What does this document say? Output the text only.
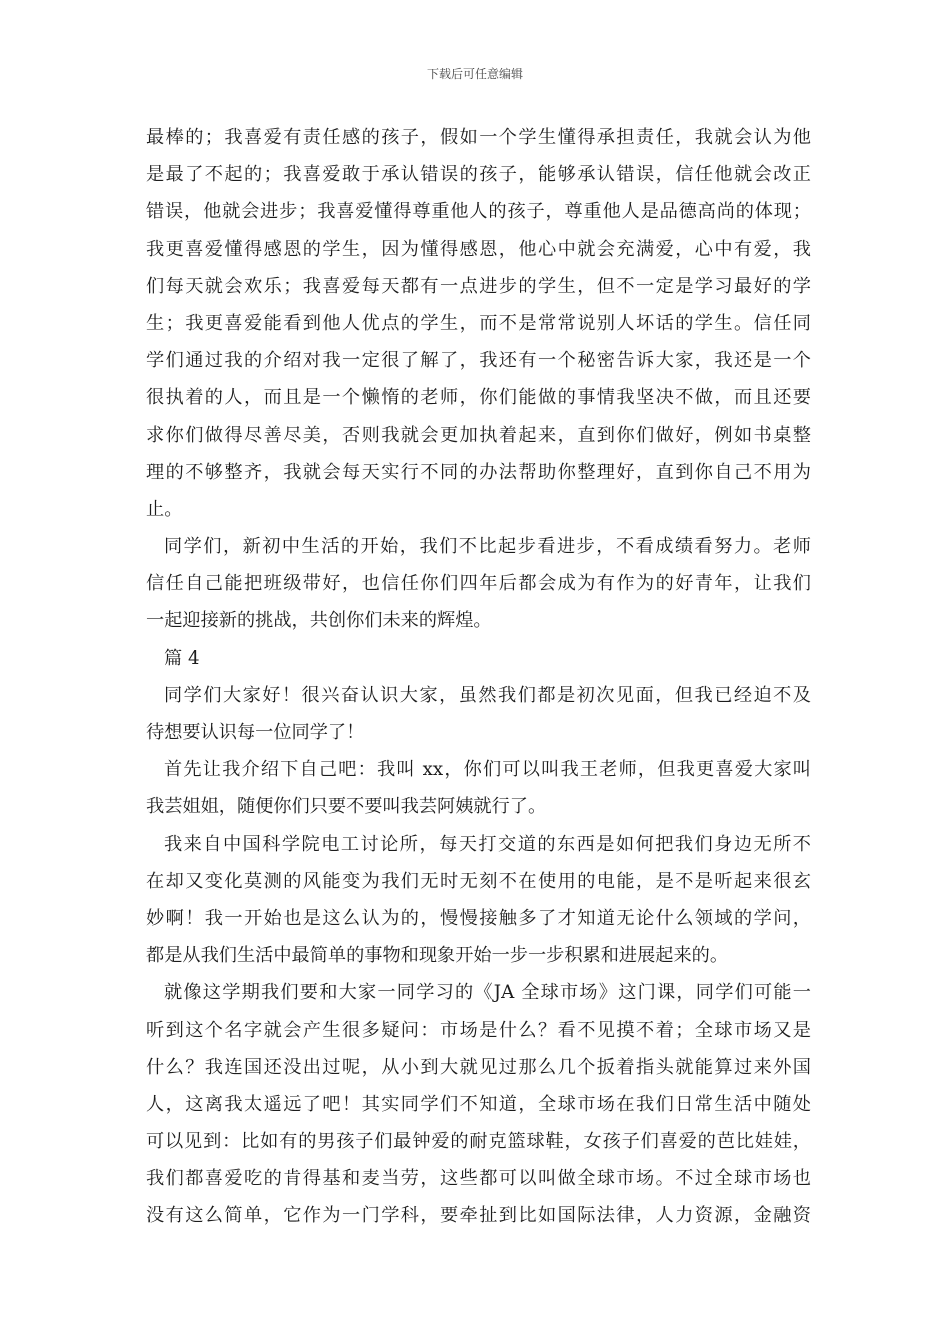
下载后可任意编辑
最棒的；我喜爱有责任感的孩子，假如一个学生懂得承担责任，我就会认为他
是最了不起的；我喜爱敢于承认错误的孩子，能够承认错误，信任他就会改正
错误，他就会进步；我喜爱懂得尊重他人的孩子，尊重他人是品德高尚的体现；
我更喜爱懂得感恩的学生，因为懂得感恩，他心中就会充满爱，心中有爱，我
们每天就会欢乐；我喜爱每天都有一点进步的学生，但不一定是学习最好的学
生；我更喜爱能看到他人优点的学生，而不是常常说别人坏话的学生。信任同
学们通过我的介绍对我一定很了解了，我还有一个秘密告诉大家，我还是一个
很执着的人，而且是一个懒惰的老师，你们能做的事情我坚决不做，而且还要
求你们做得尽善尽美，否则我就会更加执着起来，直到你们做好，例如书桌整
理的不够整齐，我就会每天实行不同的办法帮助你整理好，直到你自己不用为
止。
同学们，新初中生活的开始，我们不比起步看进步，不看成绩看努力。老师
信任自己能把班级带好，也信任你们四年后都会成为有作为的好青年，让我们
一起迎接新的挑战，共创你们未来的辉煌。
篇 4
同学们大家好！很兴奋认识大家，虽然我们都是初次见面，但我已经迫不及
待想要认识每一位同学了！
首先让我介绍下自己吧：我叫 xx，你们可以叫我王老师，但我更喜爱大家叫
我芸姐姐，随便你们只要不要叫我芸阿姨就行了。
我来自中国科学院电工讨论所，每天打交道的东西是如何把我们身边无所不
在却又变化莫测的风能变为我们无时无刻不在使用的电能，是不是听起来很玄
妙啊！我一开始也是这么认为的，慢慢接触多了才知道无论什么领域的学问，
都是从我们生活中最简单的事物和现象开始一步一步积累和进展起来的。
就像这学期我们要和大家一同学习的《JA 全球市场》这门课，同学们可能一
听到这个名字就会产生很多疑问：市场是什么？看不见摸不着；全球市场又是
什么？我连国还没出过呢，从小到大就见过那么几个扳着指头就能算过来外国
人，这离我太遥远了吧！其实同学们不知道，全球市场在我们日常生活中随处
可以见到：比如有的男孩子们最钟爱的耐克篮球鞋，女孩子们喜爱的芭比娃娃，
我们都喜爱吃的肯得基和麦当劳，这些都可以叫做全球市场。不过全球市场也
没有这么简单，它作为一门学科，要牵扯到比如国际法律，人力资源，金融资
